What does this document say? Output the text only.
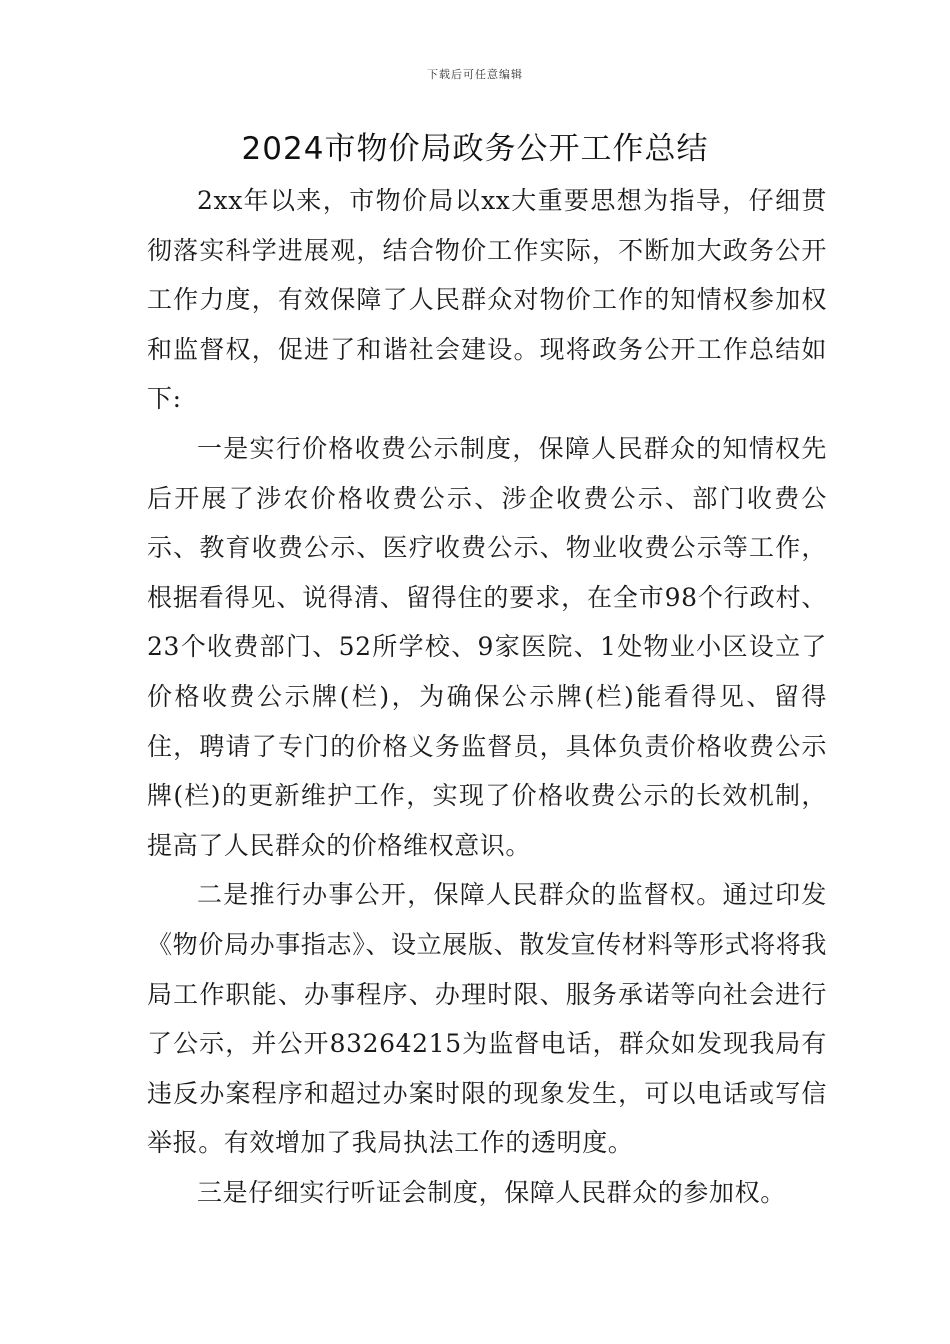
下载后可任意编辑
2024市物价局政务公开工作总结

2xx年以来，市物价局以xx大重要思想为指导，仔细贯彻落实科学进展观，结合物价工作实际，不断加大政务公开工作力度，有效保障了人民群众对物价工作的知情权参加权和监督权，促进了和谐社会建设。现将政务公开工作总结如下:

一是实行价格收费公示制度，保障人民群众的知情权先后开展了涉农价格收费公示、涉企收费公示、部门收费公示、教育收费公示、医疗收费公示、物业收费公示等工作，根据看得见、说得清、留得住的要求，在全市98个行政村、23个收费部门、52所学校、9家医院、1处物业小区设立了价格收费公示牌(栏)，为确保公示牌(栏)能看得见、留得住，聘请了专门的价格义务监督员，具体负责价格收费公示牌(栏)的更新维护工作，实现了价格收费公示的长效机制，提高了人民群众的价格维权意识。

二是推行办事公开，保障人民群众的监督权。通过印发《物价局办事指志》、设立展版、散发宣传材料等形式将将我局工作职能、办事程序、办理时限、服务承诺等向社会进行了公示，并公开83264215为监督电话，群众如发现我局有违反办案程序和超过办案时限的现象发生，可以电话或写信举报。有效增加了我局执法工作的透明度。

三是仔细实行听证会制度，保障人民群众的参加权。
